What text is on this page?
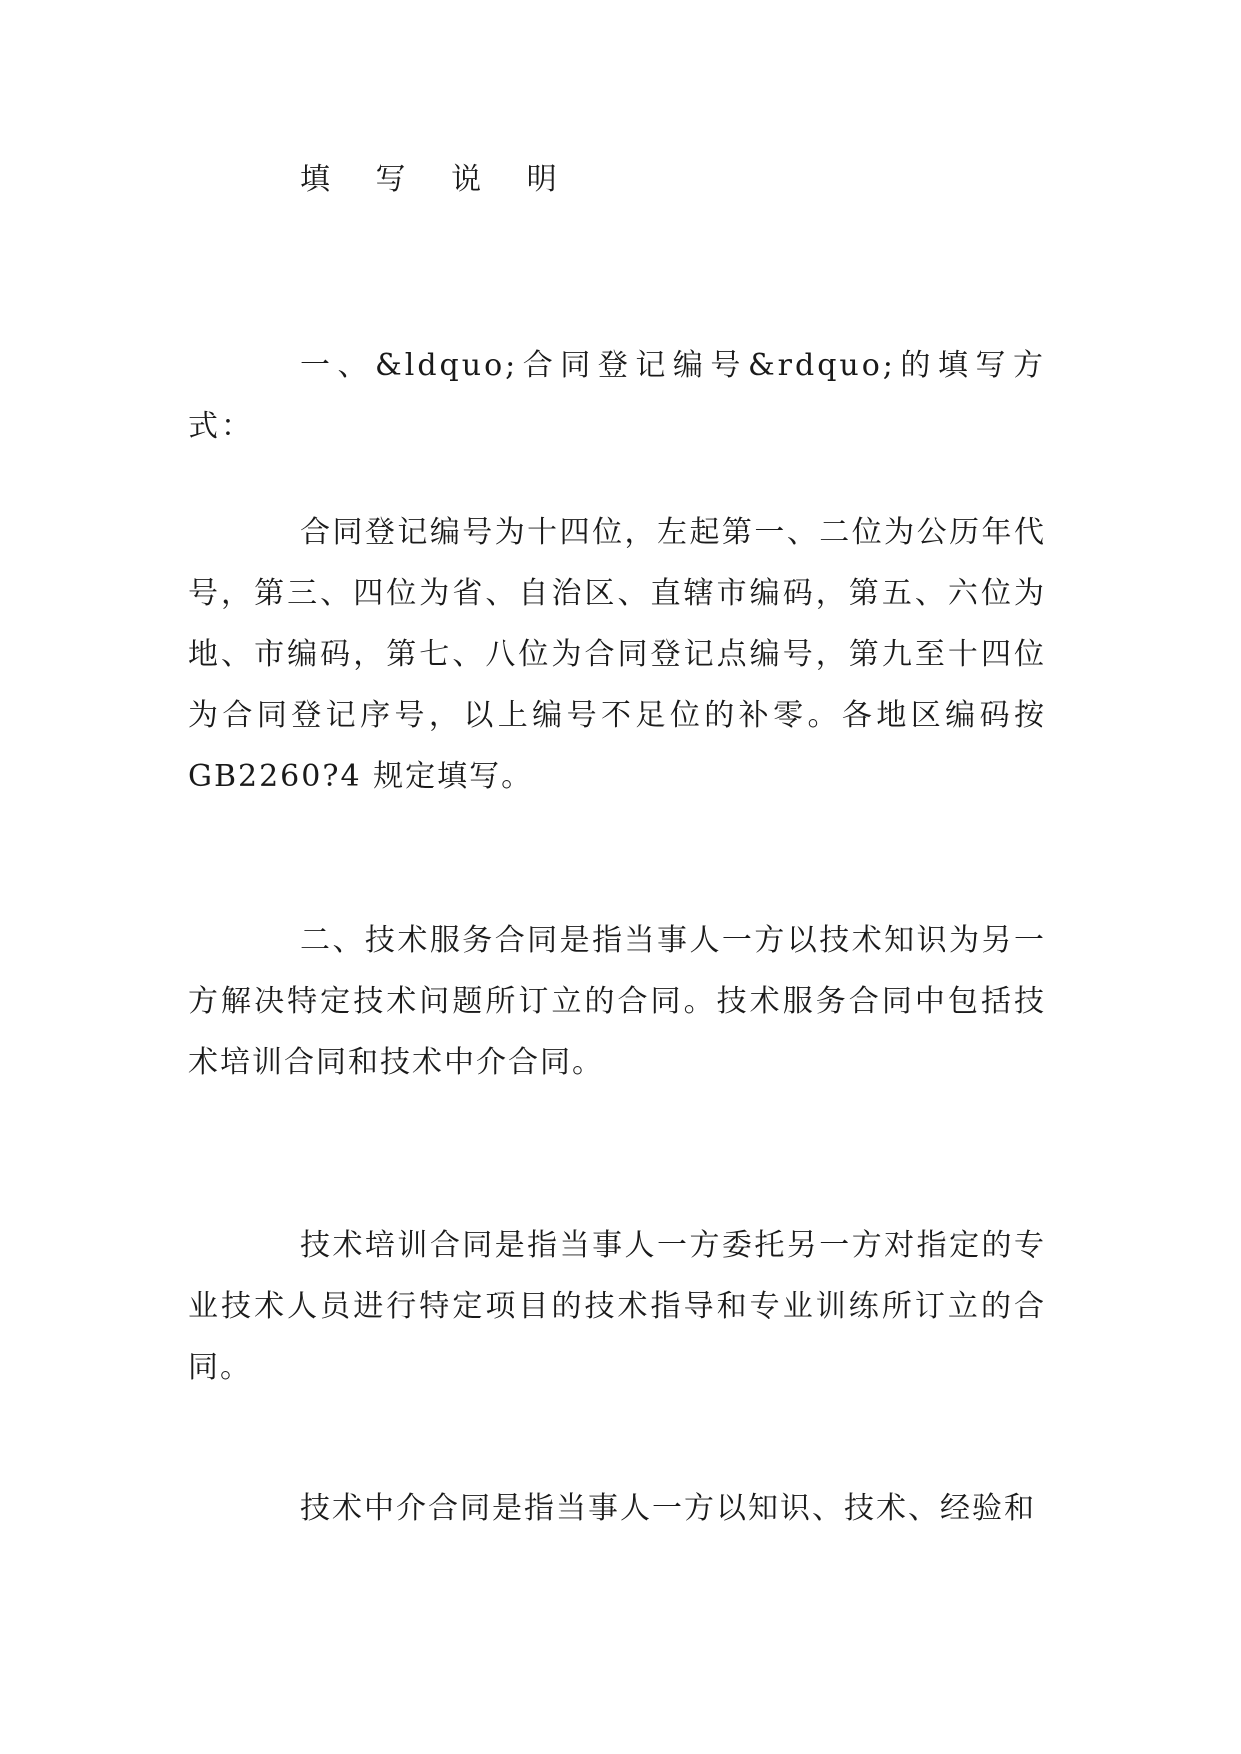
填 写 说 明

一、&ldquo;合同登记编号&rdquo;的填写方式：

合同登记编号为十四位，左起第一、二位为公历年代号，第三、四位为省、自治区、直辖市编码，第五、六位为地、市编码，第七、八位为合同登记点编号，第九至十四位为合同登记序号，以上编号不足位的补零。各地区编码按GB2260?4 规定填写。

二、技术服务合同是指当事人一方以技术知识为另一方解决特定技术问题所订立的合同。技术服务合同中包括技术培训合同和技术中介合同。

技术培训合同是指当事人一方委托另一方对指定的专业技术人员进行特定项目的技术指导和专业训练所订立的合同。

技术中介合同是指当事人一方以知识、技术、经验和
